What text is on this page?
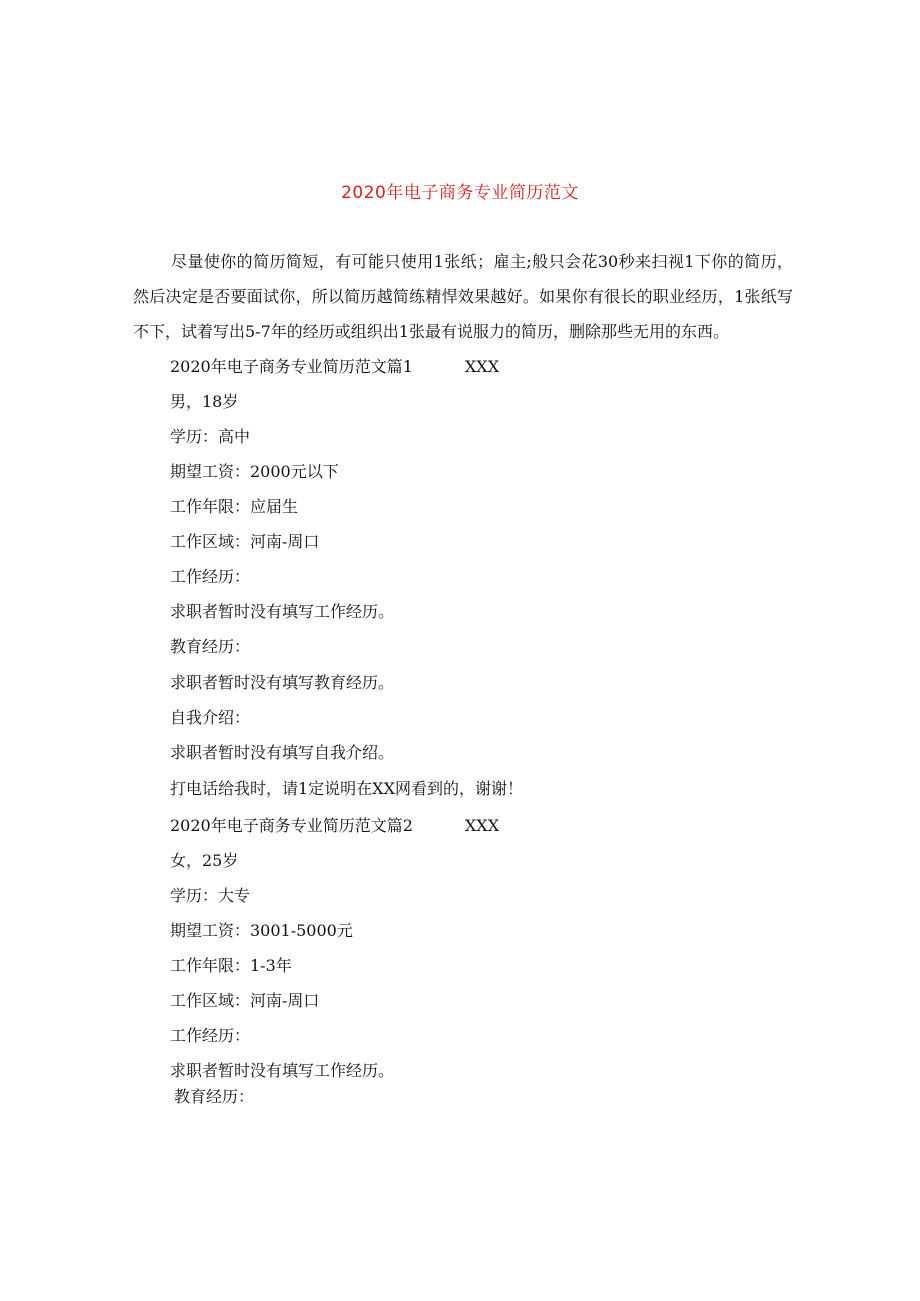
2020年电子商务专业简历范文

尽量使你的简历简短，有可能只使用1张纸；雇主;般只会花30秒来扫视1下你的简历，然后决定是否要面试你，所以简历越简练精悍效果越好。如果你有很长的职业经历，1张纸写不下，试着写出5-7年的经历或组织出1张最有说服力的简历，删除那些无用的东西。

2020年电子商务专业简历范文篇1	XXX

男，18岁

学历：高中

期望工资：2000元以下

工作年限：应届生

工作区域：河南-周口

工作经历：

求职者暂时没有填写工作经历。

教育经历：

求职者暂时没有填写教育经历。

自我介绍：

求职者暂时没有填写自我介绍。

打电话给我时，请1定说明在XX网看到的，谢谢！

2020年电子商务专业简历范文篇2	XXX

女，25岁

学历：大专

期望工资：3001-5000元

工作年限：1-3年

工作区域：河南-周口

工作经历：

求职者暂时没有填写工作经历。

教育经历：
